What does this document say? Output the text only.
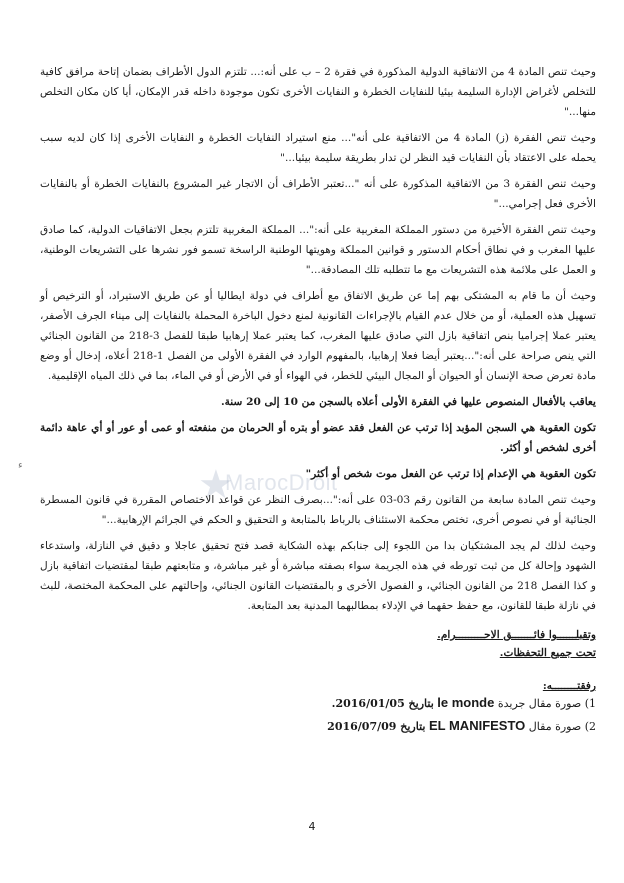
★
MarocDroit
ء

وحيث تنص المادة 4 من الاتفاقية الدولية المذكورة في فقرة 2 – ب على أنه:... تلتزم الدول الأطراف بضمان إتاحة مرافق كافية للتخلص لأغراض الإدارة السليمة بيئيا للنفايات الخطرة و النفايات الأخرى تكون موجودة داخله قدر الإمكان، أيا كان مكان التخلص منها..."

وحيث تنص الفقرة (ز) المادة 4 من الاتفاقية على أنه"... منع استيراد النفايات الخطرة و النفايات الأخرى إذا كان لديه سبب يحمله على الاعتقاد بأن النفايات قيد النظر لن تدار بطريقة سليمة بيئيا..."

وحيث تنص الفقرة 3 من الاتفاقية المذكورة على أنه "...تعتبر الأطراف أن الاتجار غير المشروع بالنفايات الخطرة أو بالنفايات الأخرى فعل إجرامي..."

وحيث تنص الفقرة الأخيرة من دستور المملكة المغربية على أنه:"... المملكة المغربية تلتزم بجعل الاتفاقيات الدولية، كما صادق عليها المغرب و في نطاق أحكام الدستور و قوانين المملكة وهويتها الوطنية الراسخة تسمو فور نشرها على التشريعات الوطنية، و العمل على ملائمة هذه التشريعات مع ما تتطلبه تلك المصادقة..."

وحيث أن ما قام به المشتكى بهم إما عن طريق الاتفاق مع أطراف في دولة ايطاليا أو عن طريق الاستيراد، أو الترخيص أو تسهيل هذه العملية، أو من خلال عدم القيام بالإجراءات القانونية لمنع دخول الباخرة المحملة بالنفايات إلى ميناء الجرف الأصفر، يعتبر عملا إجراميا بنص اتفاقية بازل التي صادق عليها المغرب، كما يعتبر عملا إرهابيا طبقا للفصل 3-218 من القانون الجنائي التي ينص صراحة على أنه:"...يعتبر أيضا فعلا إرهابيا، بالمفهوم الوارد في الفقرة الأولى من الفصل 1-218 أعلاه، إدخال أو وضع مادة تعرض صحة الإنسان أو الحيوان أو المجال البيئي للخطر، في الهواء أو في الأرض أو في الماء، بما في ذلك المياه الإقليمية.

يعاقب بالأفعال المنصوص عليها في الفقرة الأولى أعلاه بالسجن من 10 إلى 20 سنة.

تكون العقوبة هي السجن المؤبد إذا ترتب عن الفعل فقد عضو أو بتره أو الحرمان من منفعته أو عمى أو عور أو أي عاهة دائمة أخرى لشخص أو أكثر.

تكون العقوبة هي الإعدام إذا ترتب عن الفعل موت شخص أو أكثر"

وحيث تنص المادة سابعة من القانون رقم 03-03 على أنه:"...بصرف النظر عن قواعد الاختصاص المقررة في قانون المسطرة الجنائية أو في نصوص أخرى، تختص محكمة الاستئناف بالرباط بالمتابعة و التحقيق و الحكم في الجرائم الإرهابية..."

وحيث لذلك لم يجد المشتكيان بدا من اللجوء إلى جنابكم بهذه الشكاية قصد فتح تحقيق عاجلا و دقيق في النازلة، واستدعاء الشهود وإحالة كل من ثبت تورطه في هذه الجريمة سواء بصفته مباشرة أو غير مباشرة، و متابعتهم طبقا لمقتضيات اتفاقية بازل و كذا الفصل 218 من القانون الجنائي، و الفصول الأخرى و بالمقتضيات القانون الجنائي، وإحالتهم على المحكمة المختصة، للبث في نازلة طبقا للقانون، مع حفظ حقهما في الإدلاء بمطالبهما المدنية بعد المتابعة.

وتقبلــــــوا فائـــــــق الاحـــــــــرام.
تحت جميع التحفظات.
رفقتــــــــه:
1) صورة مقال جريدة le monde بتاريخ 2016/01/05.
2) صورة مقال EL MANIFESTO بتاريخ 2016/07/09
4
